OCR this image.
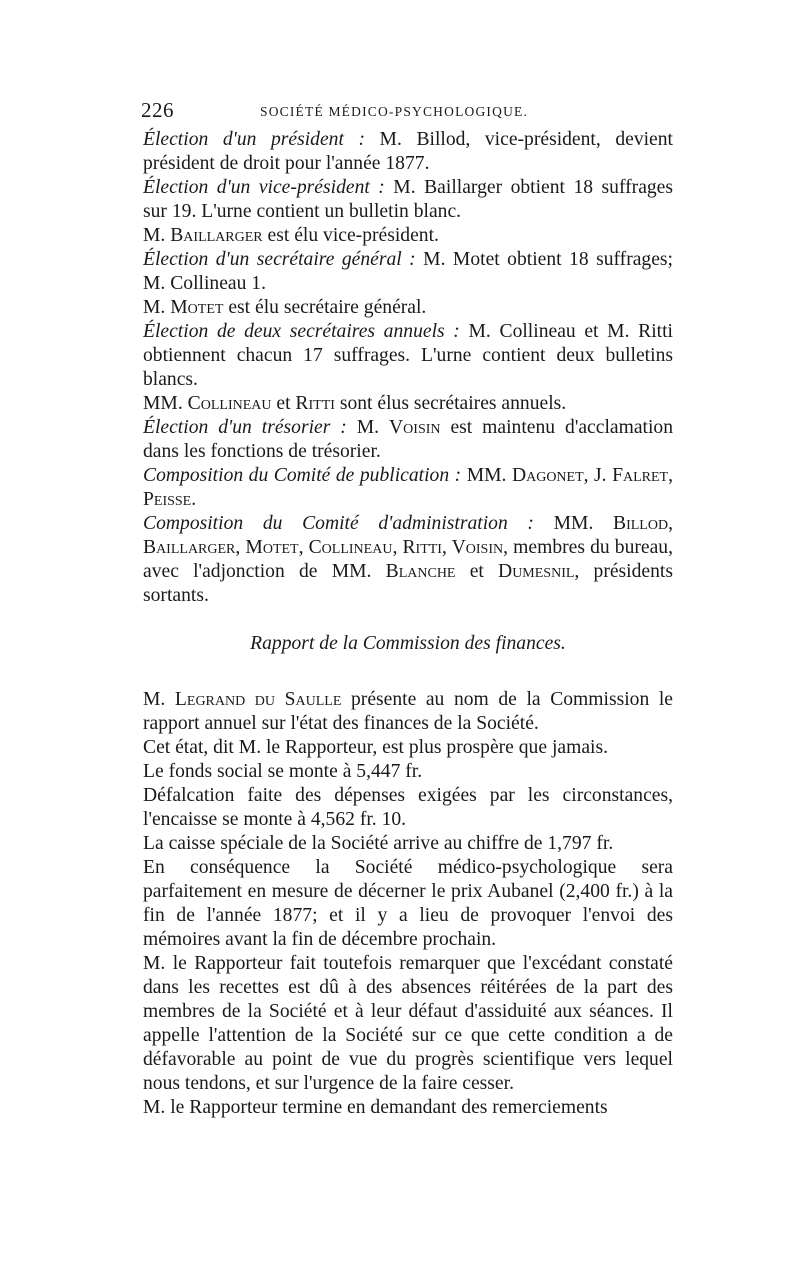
226	SOCIÉTÉ MÉDICO-PSYCHOLOGIQUE.

Élection d'un président : M. Billod, vice-président, devient président de droit pour l'année 1877.

Élection d'un vice-président : M. Baillarger obtient 18 suffrages sur 19. L'urne contient un bulletin blanc.

M. Baillarger est élu vice-président.

Élection d'un secrétaire général : M. Motet obtient 18 suffrages; M. Collineau 1.

M. Motet est élu secrétaire général.

Élection de deux secrétaires annuels : M. Collineau et M. Ritti obtiennent chacun 17 suffrages. L'urne contient deux bulletins blancs.

MM. Collineau et Ritti sont élus secrétaires annuels.

Élection d'un trésorier : M. Voisin est maintenu d'acclamation dans les fonctions de trésorier.

Composition du Comité de publication : MM. Dagonet, J. Falret, Peisse.

Composition du Comité d'administration : MM. Billod, Baillarger, Motet, Collineau, Ritti, Voisin, membres du bureau, avec l'adjonction de MM. Blanche et Dumesnil, présidents sortants.

Rapport de la Commission des finances.

M. Legrand du Saulle présente au nom de la Commission le rapport annuel sur l'état des finances de la Société.

Cet état, dit M. le Rapporteur, est plus prospère que jamais.

Le fonds social se monte à 5,447 fr.

Défalcation faite des dépenses exigées par les circonstances, l'encaisse se monte à 4,562 fr. 10.

La caisse spéciale de la Société arrive au chiffre de 1,797 fr.

En conséquence la Société médico-psychologique sera parfaitement en mesure de décerner le prix Aubanel (2,400 fr.) à la fin de l'année 1877; et il y a lieu de provoquer l'envoi des mémoires avant la fin de décembre prochain.

M. le Rapporteur fait toutefois remarquer que l'excédant constaté dans les recettes est dû à des absences réitérées de la part des membres de la Société et à leur défaut d'assiduité aux séances. Il appelle l'attention de la Société sur ce que cette condition a de défavorable au point de vue du progrès scientifique vers lequel nous tendons, et sur l'urgence de la faire cesser.

M. le Rapporteur termine en demandant des remerciements
